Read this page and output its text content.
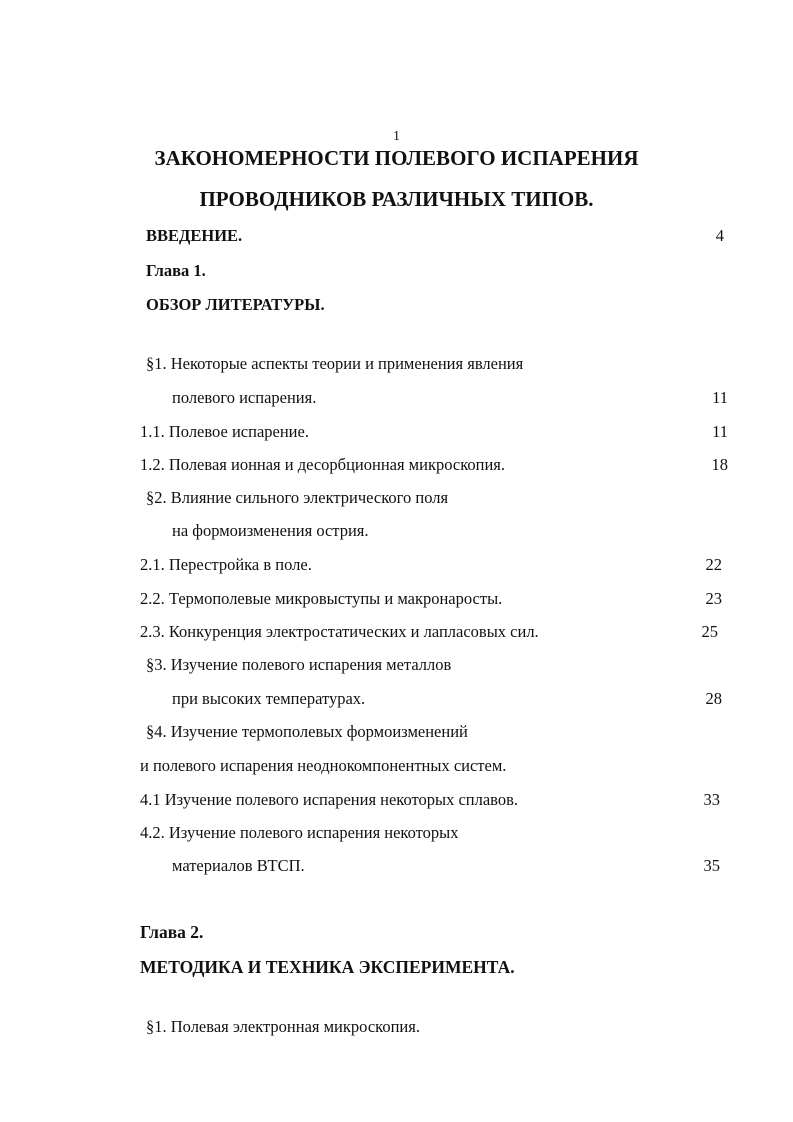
1
ЗАКОНОМЕРНОСТИ ПОЛЕВОГО ИСПАРЕНИЯ
ПРОВОДНИКОВ РАЗЛИЧНЫХ ТИПОВ.
ВВЕДЕНИЕ.	4
Глава 1.
ОБЗОР ЛИТЕРАТУРЫ.
§1. Некоторые аспекты теории и применения явления
полевого испарения.	11
1.1. Полевое испарение.	11
1.2. Полевая ионная и десорбционная микроскопия.	18
§2. Влияние сильного электрического поля
на формоизменения острия.
2.1. Перестройка в поле.	22
2.2. Термополевые микровыступы и макронаросты.	23
2.3. Конкуренция электростатических и лапласовых сил.	25
§3. Изучение полевого испарения металлов
при высоких температурах.	28
§4. Изучение термополевых формоизменений
и полевого испарения неоднокомпонентных систем.
4.1 Изучение полевого испарения некоторых сплавов.	33
4.2. Изучение полевого испарения некоторых
материалов ВТСП.	35
Глава 2.
МЕТОДИКА И ТЕХНИКА ЭКСПЕРИМЕНТА.
§1. Полевая электронная микроскопия.
